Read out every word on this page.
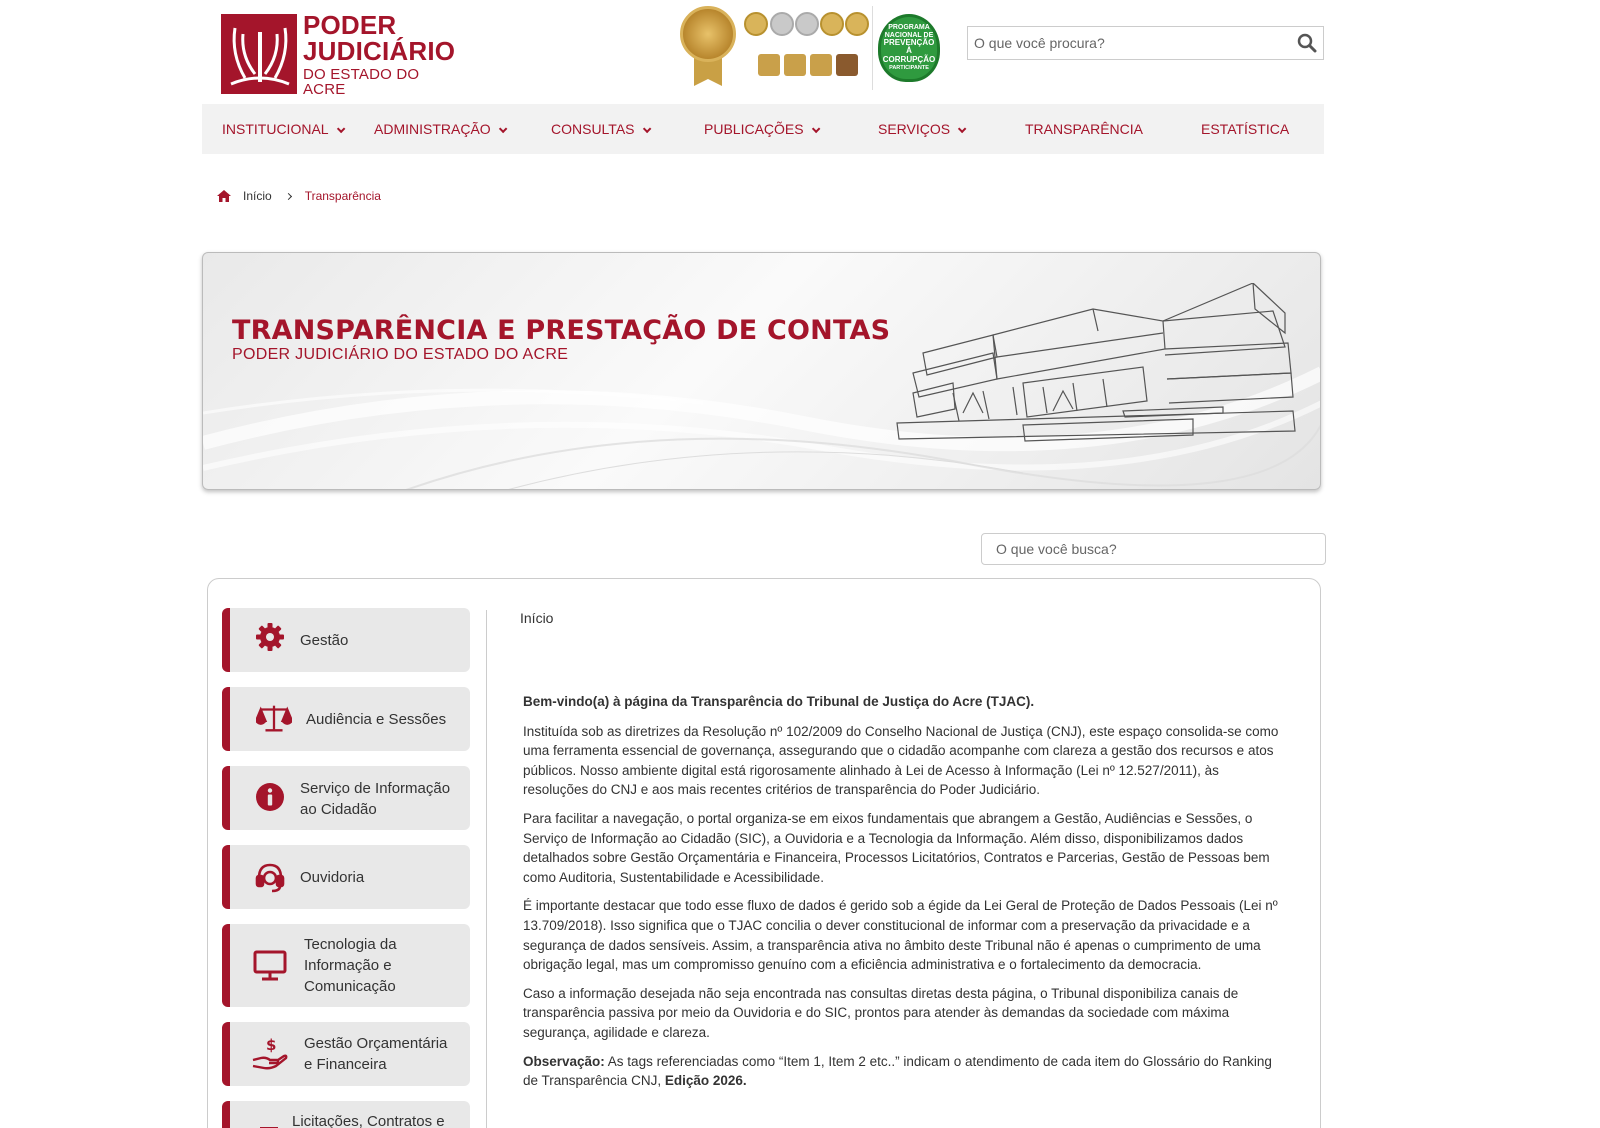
PODER
JUDICIÁRIO
DO ESTADO DO ACRE
PROGRAMA
NACIONAL DE
PREVENÇÃO
À CORRUPÇÃO
PARTICIPANTE
O que você procura?
INSTITUCIONAL	ADMINISTRAÇÃO	CONSULTAS	PUBLICAÇÕES	SERVIÇOS	TRANSPARÊNCIA	ESTATÍSTICA
Início	Transparência
TRANSPARÊNCIA E PRESTAÇÃO DE CONTAS
PODER JUDICIÁRIO DO ESTADO DO ACRE
O que você busca?
Gestão
Audiência e Sessões
Serviço de Informação ao Cidadão
Ouvidoria
Tecnologia da Informação e Comunicação
$ Gestão Orçamentária e Financeira
Licitações, Contratos e
Início

Bem-vindo(a) à página da Transparência do Tribunal de Justiça do Acre (TJAC).

Instituída sob as diretrizes da Resolução nº 102/2009 do Conselho Nacional de Justiça (CNJ), este espaço consolida-se como uma ferramenta essencial de governança, assegurando que o cidadão acompanhe com clareza a gestão dos recursos e atos públicos. Nosso ambiente digital está rigorosamente alinhado à Lei de Acesso à Informação (Lei nº 12.527/2011), às resoluções do CNJ e aos mais recentes critérios de transparência do Poder Judiciário.

Para facilitar a navegação, o portal organiza-se em eixos fundamentais que abrangem a Gestão, Audiências e Sessões, o Serviço de Informação ao Cidadão (SIC), a Ouvidoria e a Tecnologia da Informação. Além disso, disponibilizamos dados detalhados sobre Gestão Orçamentária e Financeira, Processos Licitatórios, Contratos e Parcerias, Gestão de Pessoas bem como Auditoria, Sustentabilidade e Acessibilidade.

É importante destacar que todo esse fluxo de dados é gerido sob a égide da Lei Geral de Proteção de Dados Pessoais (Lei nº 13.709/2018). Isso significa que o TJAC concilia o dever constitucional de informar com a preservação da privacidade e a segurança de dados sensíveis. Assim, a transparência ativa no âmbito deste Tribunal não é apenas o cumprimento de uma obrigação legal, mas um compromisso genuíno com a eficiência administrativa e o fortalecimento da democracia.

Caso a informação desejada não seja encontrada nas consultas diretas desta página, o Tribunal disponibiliza canais de transparência passiva por meio da Ouvidoria e do SIC, prontos para atender às demandas da sociedade com máxima segurança, agilidade e clareza.

Observação: As tags referenciadas como “Item 1, Item 2 etc..” indicam o atendimento de cada item do Glossário do Ranking de Transparência CNJ, Edição 2026.
